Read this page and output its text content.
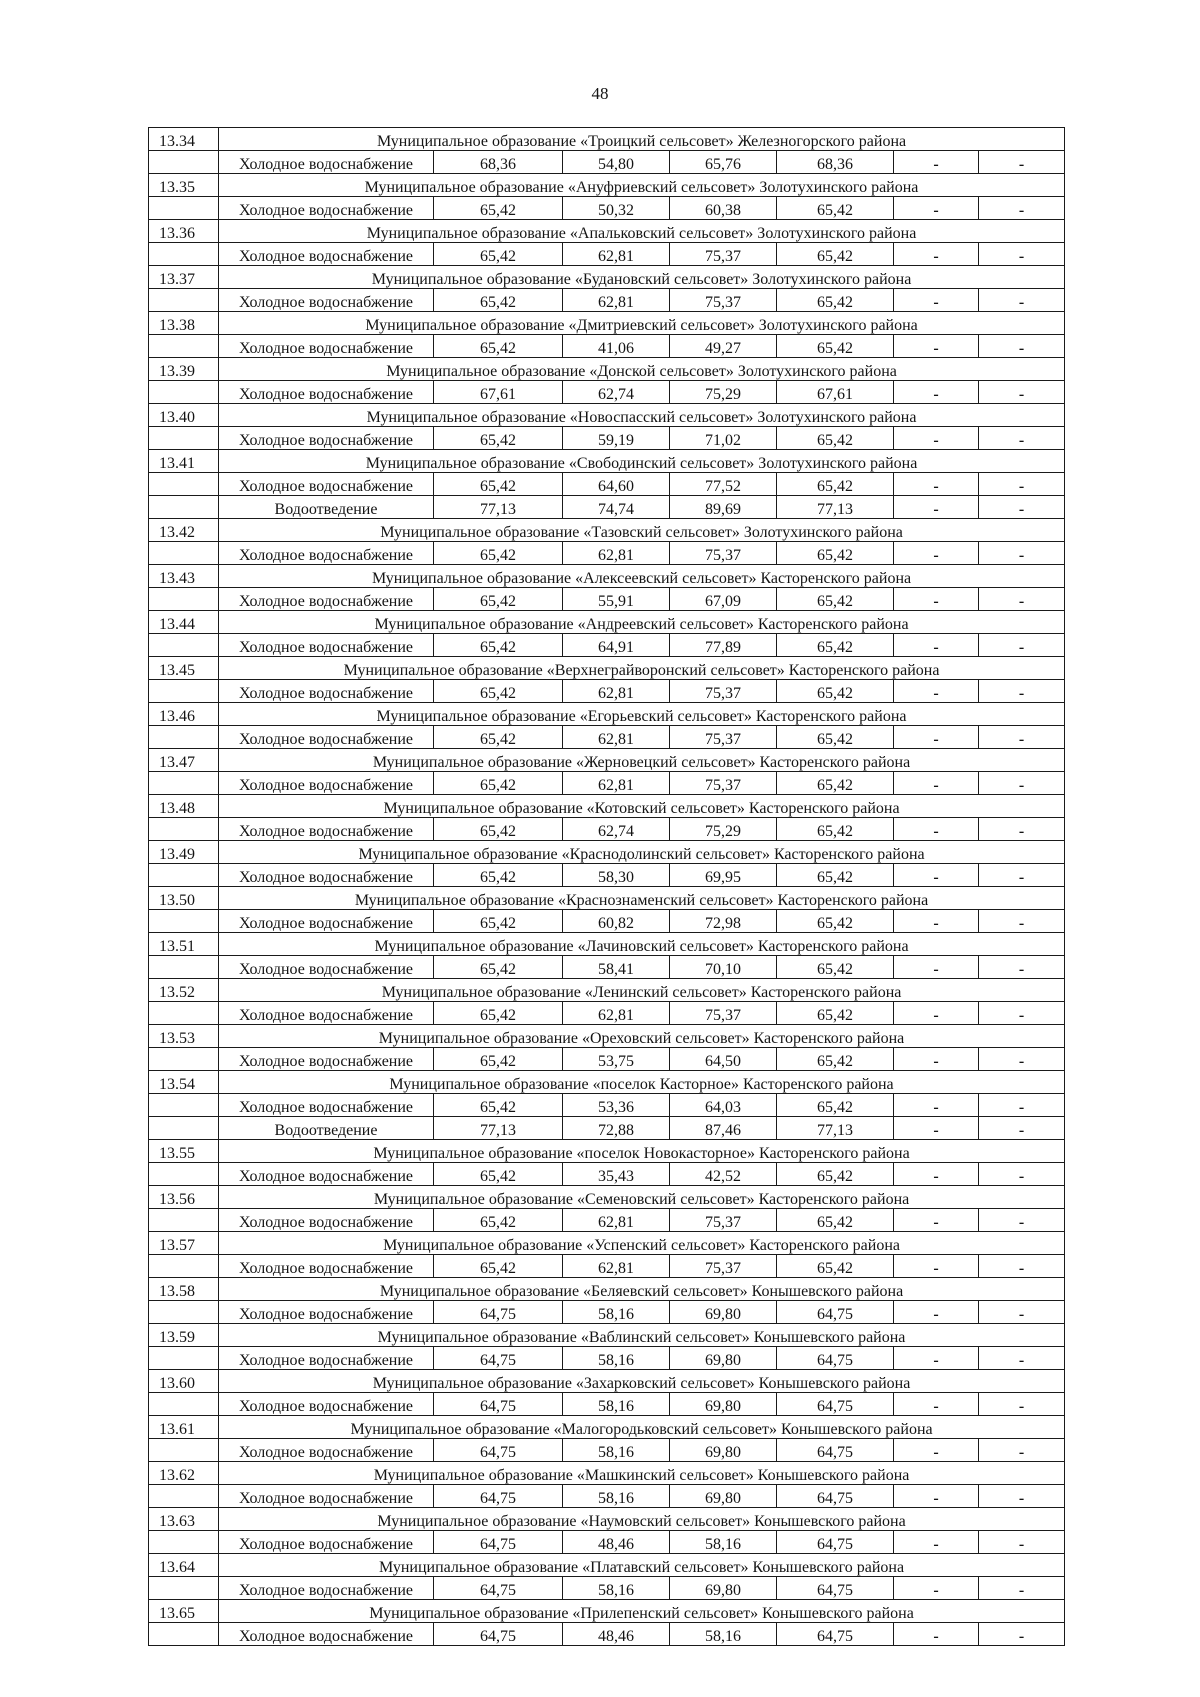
48
13.34	Муниципальное образование «Троицкий сельсовет» Железногорского района						
	Холодное водоснабжение	68,36	54,80	65,76	68,36	-	-
13.35	Муниципальное образование «Ануфриевский сельсовет» Золотухинского района						
	Холодное водоснабжение	65,42	50,32	60,38	65,42	-	-
13.36	Муниципальное образование «Апальковский сельсовет» Золотухинского района						
	Холодное водоснабжение	65,42	62,81	75,37	65,42	-	-
13.37	Муниципальное образование «Будановский сельсовет» Золотухинского района						
	Холодное водоснабжение	65,42	62,81	75,37	65,42	-	-
13.38	Муниципальное образование «Дмитриевский сельсовет» Золотухинского района						
	Холодное водоснабжение	65,42	41,06	49,27	65,42	-	-
13.39	Муниципальное образование «Донской сельсовет» Золотухинского района						
	Холодное водоснабжение	67,61	62,74	75,29	67,61	-	-
13.40	Муниципальное образование «Новоспасский сельсовет» Золотухинского района						
	Холодное водоснабжение	65,42	59,19	71,02	65,42	-	-
13.41	Муниципальное образование «Свободинский сельсовет» Золотухинского района						
	Холодное водоснабжение	65,42	64,60	77,52	65,42	-	-
	Водоотведение	77,13	74,74	89,69	77,13	-	-
13.42	Муниципальное образование «Тазовский сельсовет» Золотухинского района						
	Холодное водоснабжение	65,42	62,81	75,37	65,42	-	-
13.43	Муниципальное образование «Алексеевский сельсовет» Касторенского района						
	Холодное водоснабжение	65,42	55,91	67,09	65,42	-	-
13.44	Муниципальное образование «Андреевский сельсовет» Касторенского района						
	Холодное водоснабжение	65,42	64,91	77,89	65,42	-	-
13.45	Муниципальное образование «Верхнеграйворонский сельсовет» Касторенского района						
	Холодное водоснабжение	65,42	62,81	75,37	65,42	-	-
13.46	Муниципальное образование «Егорьевский сельсовет» Касторенского района						
	Холодное водоснабжение	65,42	62,81	75,37	65,42	-	-
13.47	Муниципальное образование «Жерновецкий сельсовет» Касторенского района						
	Холодное водоснабжение	65,42	62,81	75,37	65,42	-	-
13.48	Муниципальное образование «Котовский сельсовет» Касторенского района						
	Холодное водоснабжение	65,42	62,74	75,29	65,42	-	-
13.49	Муниципальное образование «Краснодолинский сельсовет» Касторенского района						
	Холодное водоснабжение	65,42	58,30	69,95	65,42	-	-
13.50	Муниципальное образование «Краснознаменский сельсовет» Касторенского района						
	Холодное водоснабжение	65,42	60,82	72,98	65,42	-	-
13.51	Муниципальное образование «Лачиновский сельсовет» Касторенского района						
	Холодное водоснабжение	65,42	58,41	70,10	65,42	-	-
13.52	Муниципальное образование «Ленинский сельсовет» Касторенского района						
	Холодное водоснабжение	65,42	62,81	75,37	65,42	-	-
13.53	Муниципальное образование «Ореховский сельсовет» Касторенского района						
	Холодное водоснабжение	65,42	53,75	64,50	65,42	-	-
13.54	Муниципальное образование «поселок Касторное» Касторенского района						
	Холодное водоснабжение	65,42	53,36	64,03	65,42	-	-
	Водоотведение	77,13	72,88	87,46	77,13	-	-
13.55	Муниципальное образование «поселок Новокасторное» Касторенского района						
	Холодное водоснабжение	65,42	35,43	42,52	65,42	-	-
13.56	Муниципальное образование «Семеновский сельсовет» Касторенского района						
	Холодное водоснабжение	65,42	62,81	75,37	65,42	-	-
13.57	Муниципальное образование «Успенский сельсовет» Касторенского района						
	Холодное водоснабжение	65,42	62,81	75,37	65,42	-	-
13.58	Муниципальное образование «Беляевский сельсовет» Конышевского района						
	Холодное водоснабжение	64,75	58,16	69,80	64,75	-	-
13.59	Муниципальное образование «Ваблинский сельсовет» Конышевского района						
	Холодное водоснабжение	64,75	58,16	69,80	64,75	-	-
13.60	Муниципальное образование «Захарковский сельсовет» Конышевского района						
	Холодное водоснабжение	64,75	58,16	69,80	64,75	-	-
13.61	Муниципальное образование «Малогородьковский сельсовет» Конышевского района						
	Холодное водоснабжение	64,75	58,16	69,80	64,75	-	-
13.62	Муниципальное образование «Машкинский сельсовет» Конышевского района						
	Холодное водоснабжение	64,75	58,16	69,80	64,75	-	-
13.63	Муниципальное образование «Наумовский сельсовет» Конышевского района						
	Холодное водоснабжение	64,75	48,46	58,16	64,75	-	-
13.64	Муниципальное образование «Платавский сельсовет» Конышевского района						
	Холодное водоснабжение	64,75	58,16	69,80	64,75	-	-
13.65	Муниципальное образование «Прилепенский сельсовет» Конышевского района						
	Холодное водоснабжение	64,75	48,46	58,16	64,75	-	-
